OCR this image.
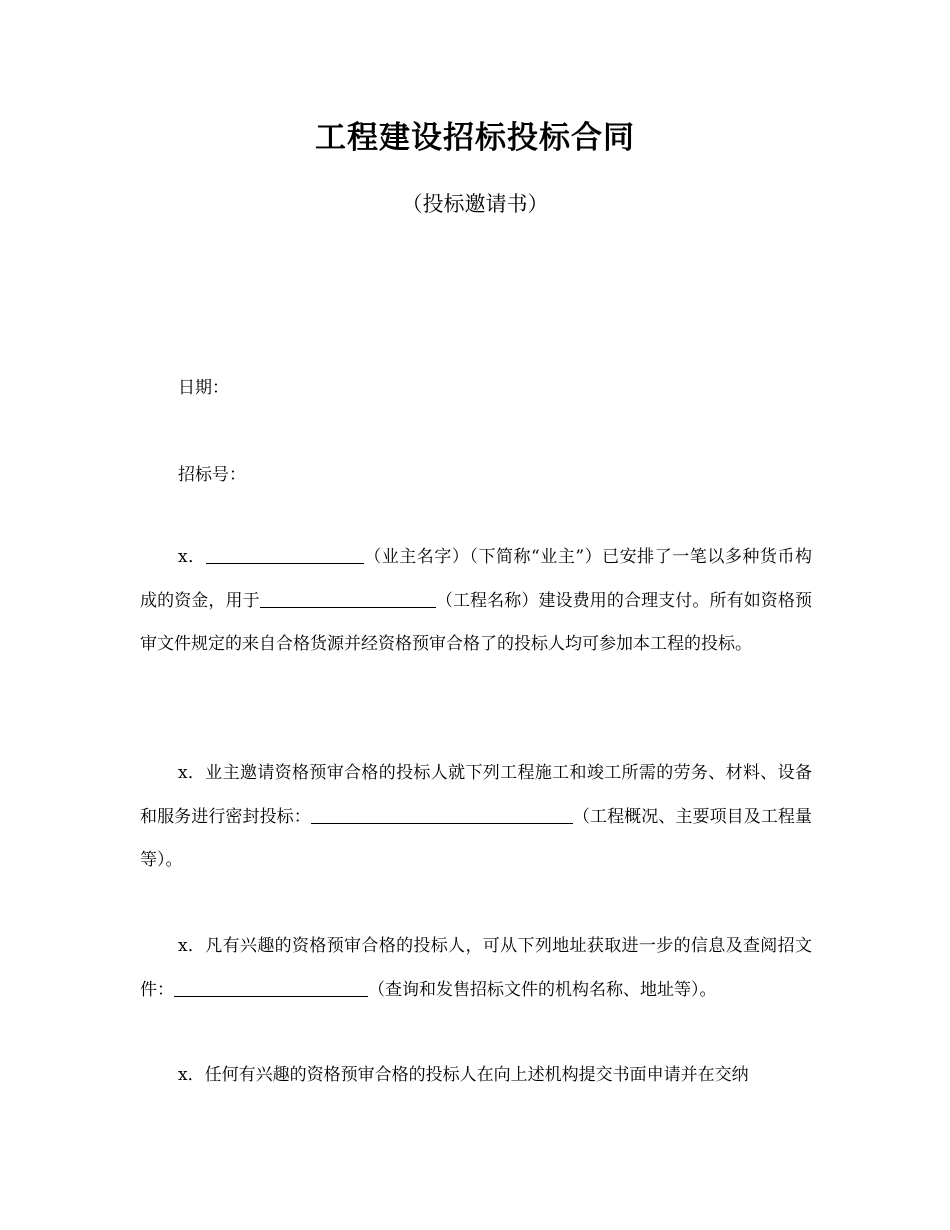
工程建设招标投标合同
（投标邀请书）
日期：
招标号：
x．	（业主名字）（下简称“业主”）已安排了一笔以多种货币构成的资金，用于	（工程名称）建设费用的合理支付。所有如资格预审文件规定的来自合格货源并经资格预审合格了的投标人均可参加本工程的投标。
x．业主邀请资格预审合格的投标人就下列工程施工和竣工所需的劳务、材料、设备和服务进行密封投标：	（工程概况、主要项目及工程量等）。
x．凡有兴趣的资格预审合格的投标人，可从下列地址获取进一步的信息及查阅招文件：	（查询和发售招标文件的机构名称、地址等）。
x．任何有兴趣的资格预审合格的投标人在向上述机构提交书面申请并在交纳
